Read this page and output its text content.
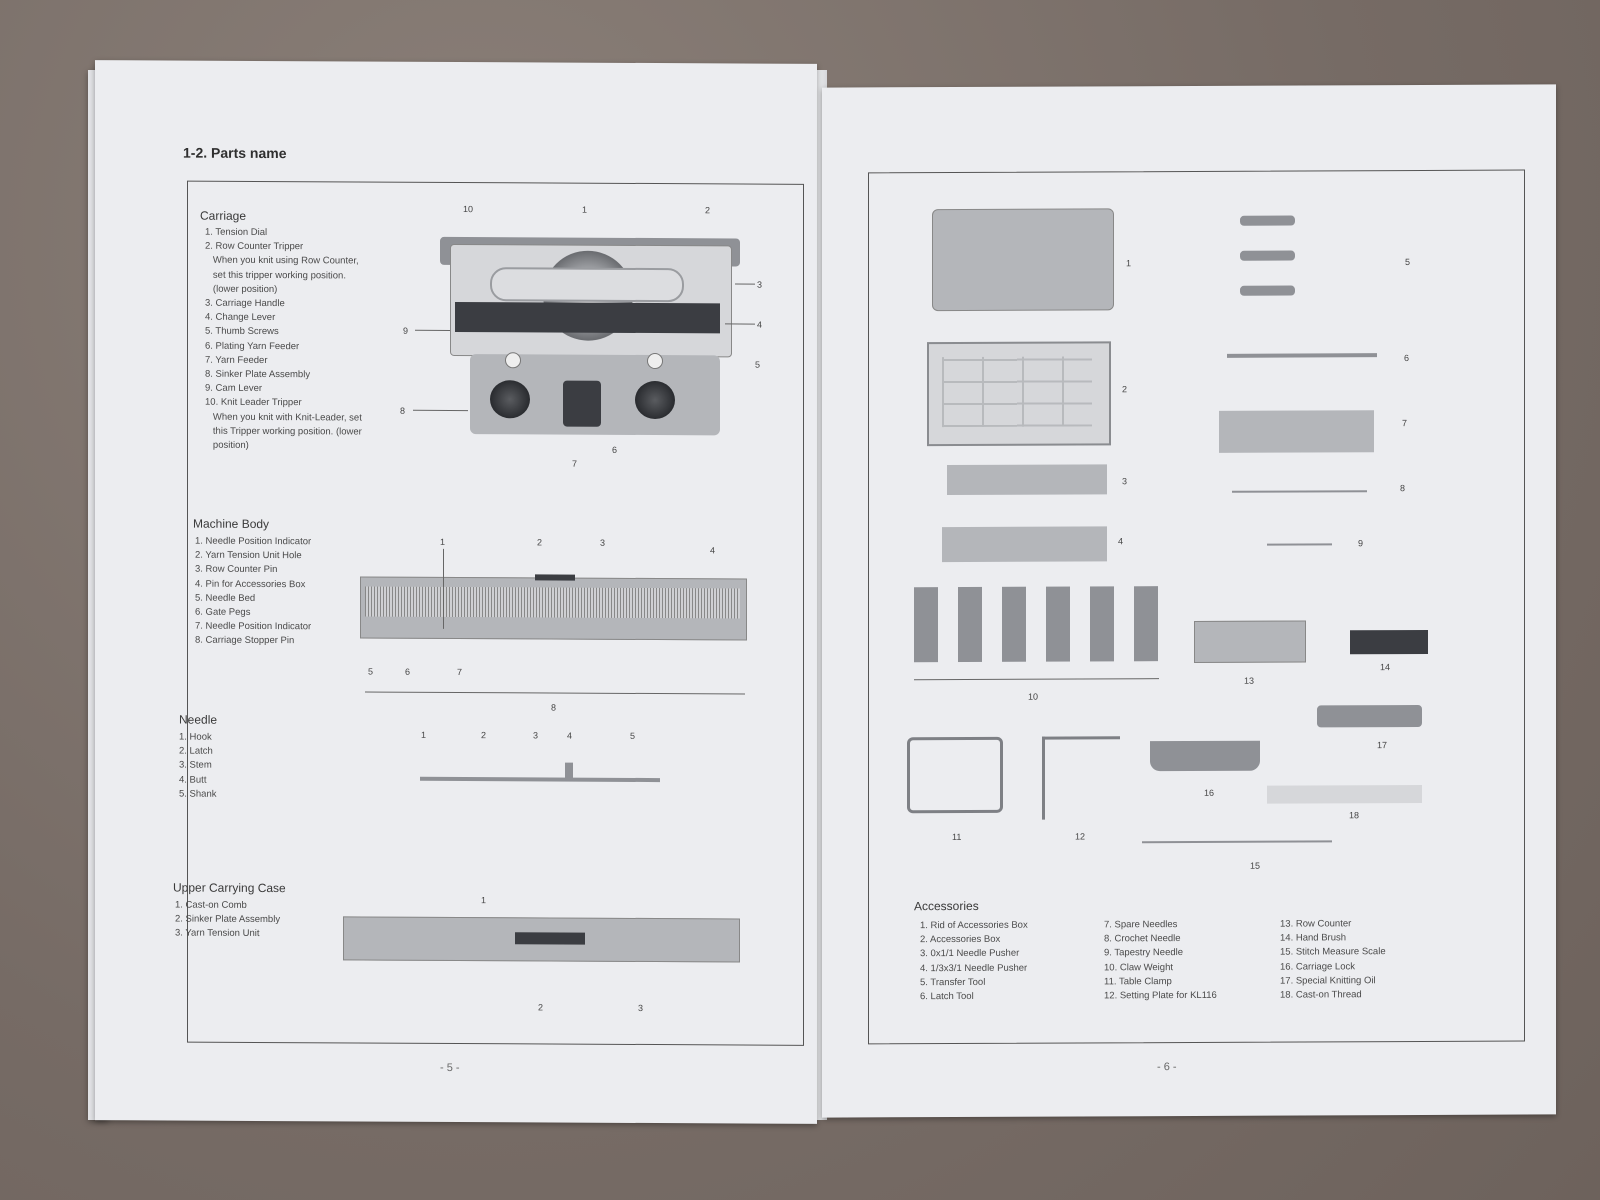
1-2. Parts name
Carriage
1. Tension Dial
2. Row Counter Tripper
When you knit using Row Counter,
set this tripper working position.
(lower position)
3. Carriage Handle
4. Change Lever
5. Thumb Screws
6. Plating Yarn Feeder
7. Yarn Feeder
8. Sinker Plate Assembly
9. Cam Lever
10. Knit Leader Tripper
When you knit with Knit-Leader, set
this Tripper working position. (lower
position)
10	1	2
3
4
5
9
8
7
6
Machine Body
1. Needle Position Indicator
2. Yarn Tension Unit Hole
3. Row Counter Pin
4. Pin for Accessories Box
5. Needle Bed
6. Gate Pegs
7. Needle Position Indicator
8. Carriage Stopper Pin
1	2	3
4
5	6	7
8
Needle
1. Hook
2. Latch
3. Stem
4. Butt
5. Shank
1	2	3	4	5
Upper Carrying Case
1. Cast-on Comb
2. Sinker Plate Assembly
3. Yarn Tension Unit
1
2	3
- 5 -
1
2
3
4
5
6
7
8
9
10
11	12
13
14
15
16
17
18
Accessories
1. Rid of Accessories Box
2. Accessories Box
3. 0x1/1 Needle Pusher
4. 1/3x3/1 Needle Pusher
5. Transfer Tool
6. Latch Tool
7. Spare Needles
8. Crochet Needle
9. Tapestry Needle
10. Claw Weight
11. Table Clamp
12. Setting Plate for KL116
13. Row Counter
14. Hand Brush
15. Stitch Measure Scale
16. Carriage Lock
17. Special Knitting Oil
18. Cast-on Thread
- 6 -
